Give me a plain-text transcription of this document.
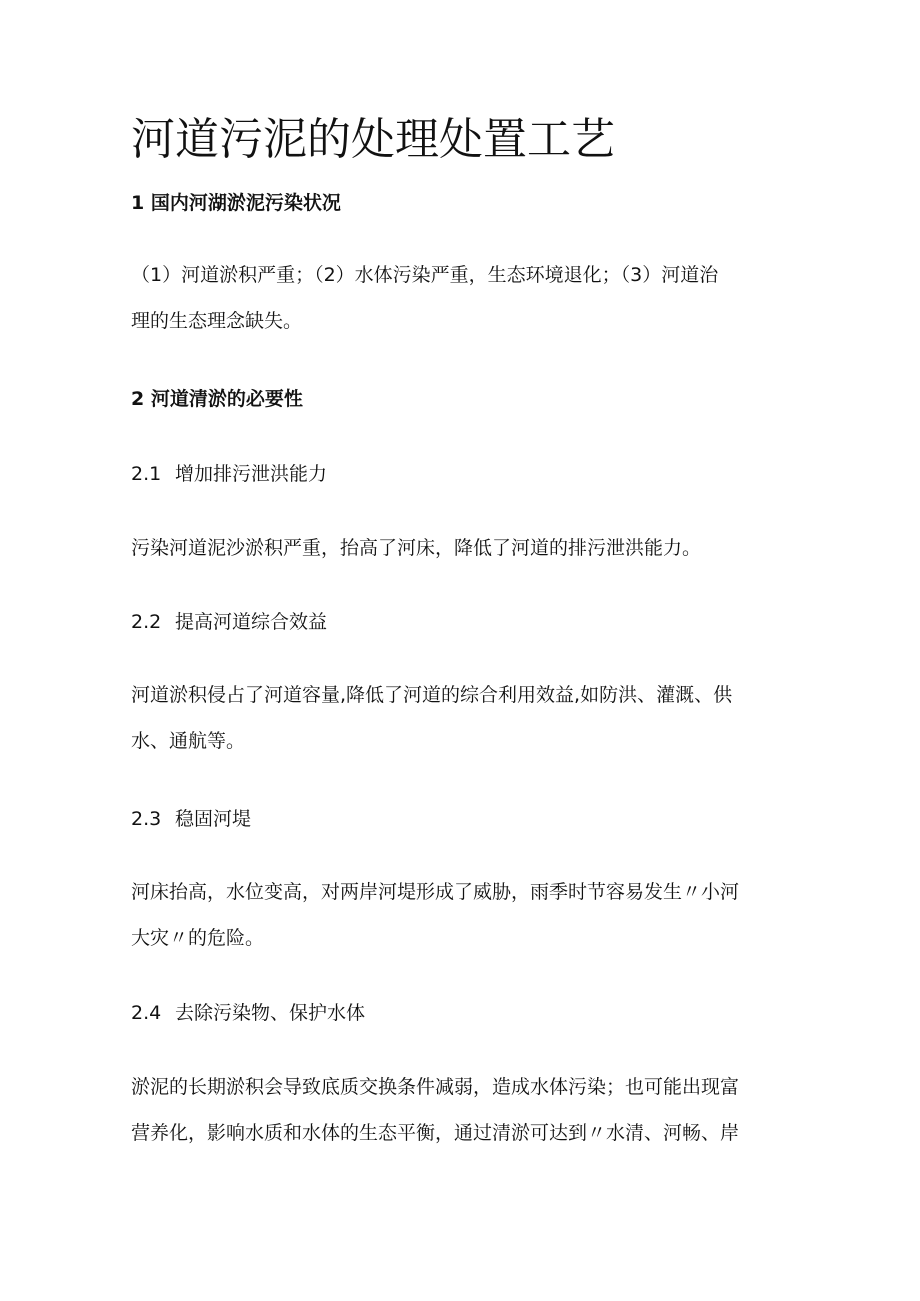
河道污泥的处理处置工艺
1 国内河湖淤泥污染状况

（1）河道淤积严重；（2）水体污染严重，生态环境退化；（3）河道治
理的生态理念缺失。

2 河道清淤的必要性
2.1 增加排污泄洪能力

污染河道泥沙淤积严重，抬高了河床，降低了河道的排污泄洪能力。

2.2 提高河道综合效益

河道淤积侵占了河道容量,降低了河道的综合利用效益,如防洪、灌溉、供
水、通航等。

2.3 稳固河堤

河床抬高，水位变高，对两岸河堤形成了威胁，雨季时节容易发生〃小河
大灾〃的危险。

2.4 去除污染物、保护水体

淤泥的长期淤积会导致底质交换条件减弱，造成水体污染；也可能出现富
营养化，影响水质和水体的生态平衡，通过清淤可达到〃水清、河畅、岸
